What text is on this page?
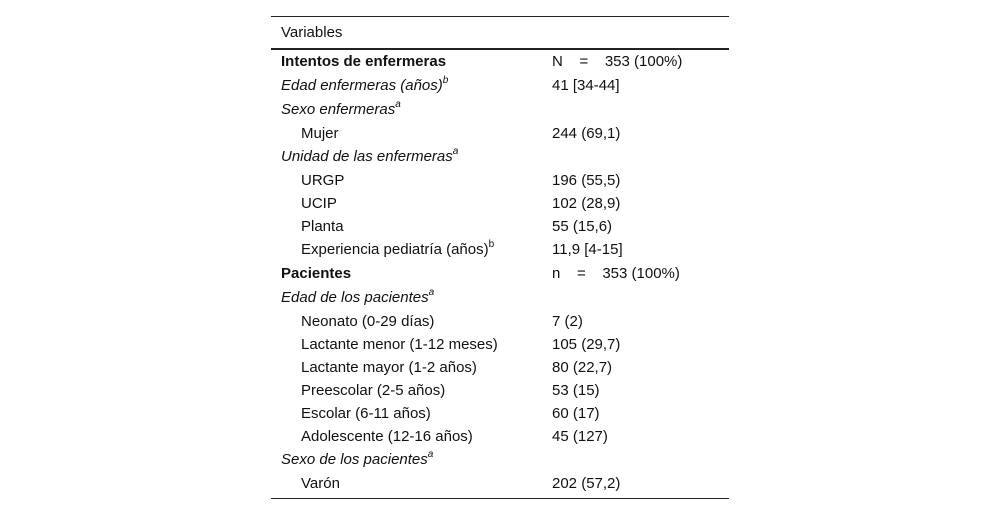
Variables
Intentos de enfermeras	N = 353 (100%)
Edad enfermeras (años)$^b$	41 [34-44]
Sexo enfermeras$^a$
Mujer	244 (69,1)
Unidad de las enfermeras$^a$
URGP	196 (55,5)
UCIP	102 (28,9)
Planta	55 (15,6)
Experiencia pediatría (años)$^b$	11,9 [4-15]
Pacientes	n = 353 (100%)
Edad de los pacientes$^a$
Neonato (0-29 días)	7 (2)
Lactante menor (1-12 meses)	105 (29,7)
Lactante mayor (1-2 años)	80 (22,7)
Preescolar (2-5 años)	53 (15)
Escolar (6-11 años)	60 (17)
Adolescente (12-16 años)	45 (127)
Sexo de los pacientes$^a$
Varón	202 (57,2)
